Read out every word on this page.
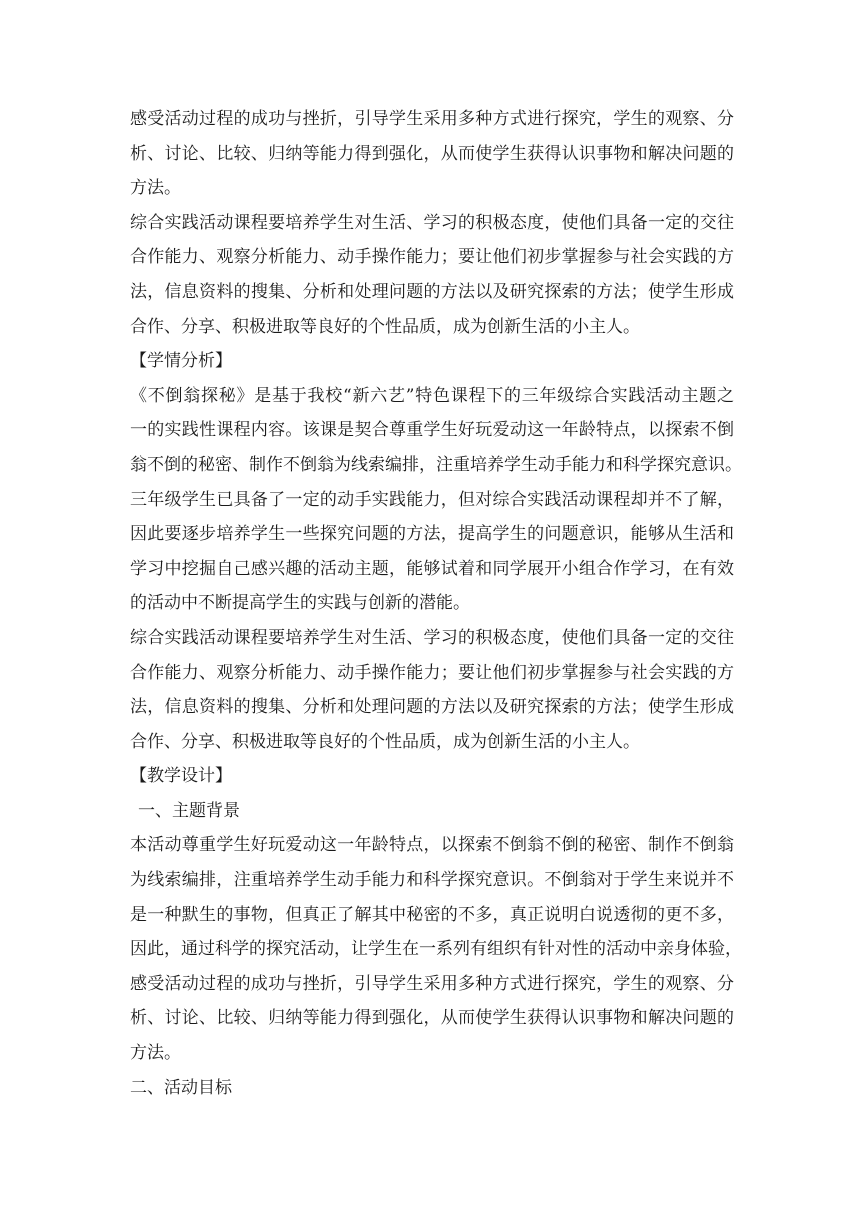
感受活动过程的成功与挫折，引导学生采用多种方式进行探究，学生的观察、分
析、讨论、比较、归纳等能力得到强化，从而使学生获得认识事物和解决问题的
方法。
综合实践活动课程要培养学生对生活、学习的积极态度，使他们具备一定的交往
合作能力、观察分析能力、动手操作能力；要让他们初步掌握参与社会实践的方
法，信息资料的搜集、分析和处理问题的方法以及研究探索的方法；使学生形成
合作、分享、积极进取等良好的个性品质，成为创新生活的小主人。
【学情分析】
《不倒翁探秘》是基于我校“新六艺”特色课程下的三年级综合实践活动主题之
一的实践性课程内容。该课是契合尊重学生好玩爱动这一年龄特点，以探索不倒
翁不倒的秘密、制作不倒翁为线索编排，注重培养学生动手能力和科学探究意识。
三年级学生已具备了一定的动手实践能力，但对综合实践活动课程却并不了解，
因此要逐步培养学生一些探究问题的方法，提高学生的问题意识，能够从生活和
学习中挖掘自己感兴趣的活动主题，能够试着和同学展开小组合作学习，在有效
的活动中不断提高学生的实践与创新的潜能。
综合实践活动课程要培养学生对生活、学习的积极态度，使他们具备一定的交往
合作能力、观察分析能力、动手操作能力；要让他们初步掌握参与社会实践的方
法，信息资料的搜集、分析和处理问题的方法以及研究探索的方法；使学生形成
合作、分享、积极进取等良好的个性品质，成为创新生活的小主人。
【教学设计】
一、主题背景
本活动尊重学生好玩爱动这一年龄特点，以探索不倒翁不倒的秘密、制作不倒翁
为线索编排，注重培养学生动手能力和科学探究意识。不倒翁对于学生来说并不
是一种默生的事物，但真正了解其中秘密的不多，真正说明白说透彻的更不多，
因此，通过科学的探究活动，让学生在一系列有组织有针对性的活动中亲身体验，
感受活动过程的成功与挫折，引导学生采用多种方式进行探究，学生的观察、分
析、讨论、比较、归纳等能力得到强化，从而使学生获得认识事物和解决问题的
方法。
二、活动目标
